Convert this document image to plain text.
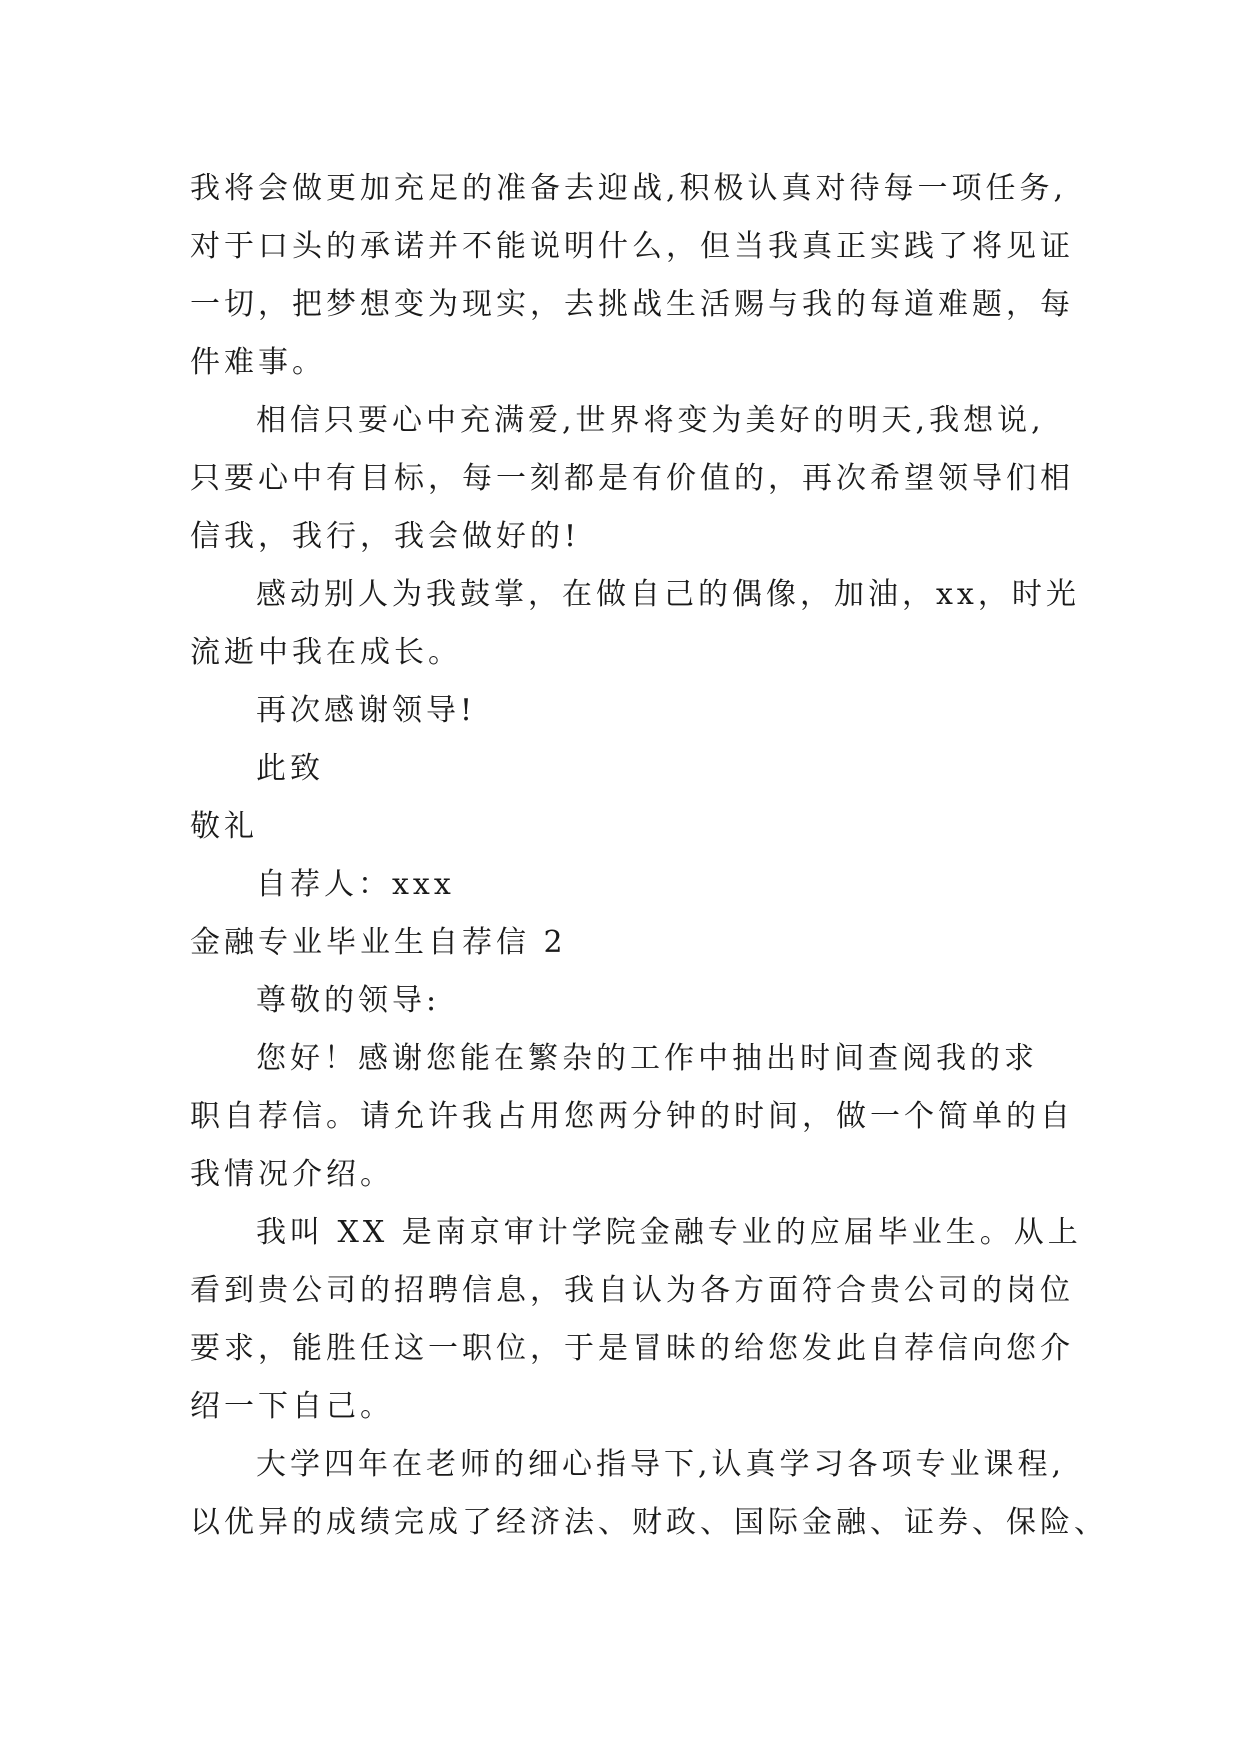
我将会做更加充足的准备去迎战,积极认真对待每一项任务,
对于口头的承诺并不能说明什么，但当我真正实践了将见证
一切，把梦想变为现实，去挑战生活赐与我的每道难题，每
件难事。
相信只要心中充满爱,世界将变为美好的明天,我想说,
只要心中有目标，每一刻都是有价值的，再次希望领导们相
信我，我行，我会做好的!
感动别人为我鼓掌，在做自己的偶像，加油，xx，时光
流逝中我在成长。
再次感谢领导!
此致
敬礼
自荐人：xxx
金融专业毕业生自荐信 2
尊敬的领导:
您好！感谢您能在繁杂的工作中抽出时间查阅我的求
职自荐信。请允许我占用您两分钟的时间，做一个简单的自
我情况介绍。
我叫 XX 是南京审计学院金融专业的应届毕业生。从上
看到贵公司的招聘信息，我自认为各方面符合贵公司的岗位
要求，能胜任这一职位，于是冒昧的给您发此自荐信向您介
绍一下自己。
大学四年在老师的细心指导下,认真学习各项专业课程,
以优异的成绩完成了经济法、财政、国际金融、证券、保险、
